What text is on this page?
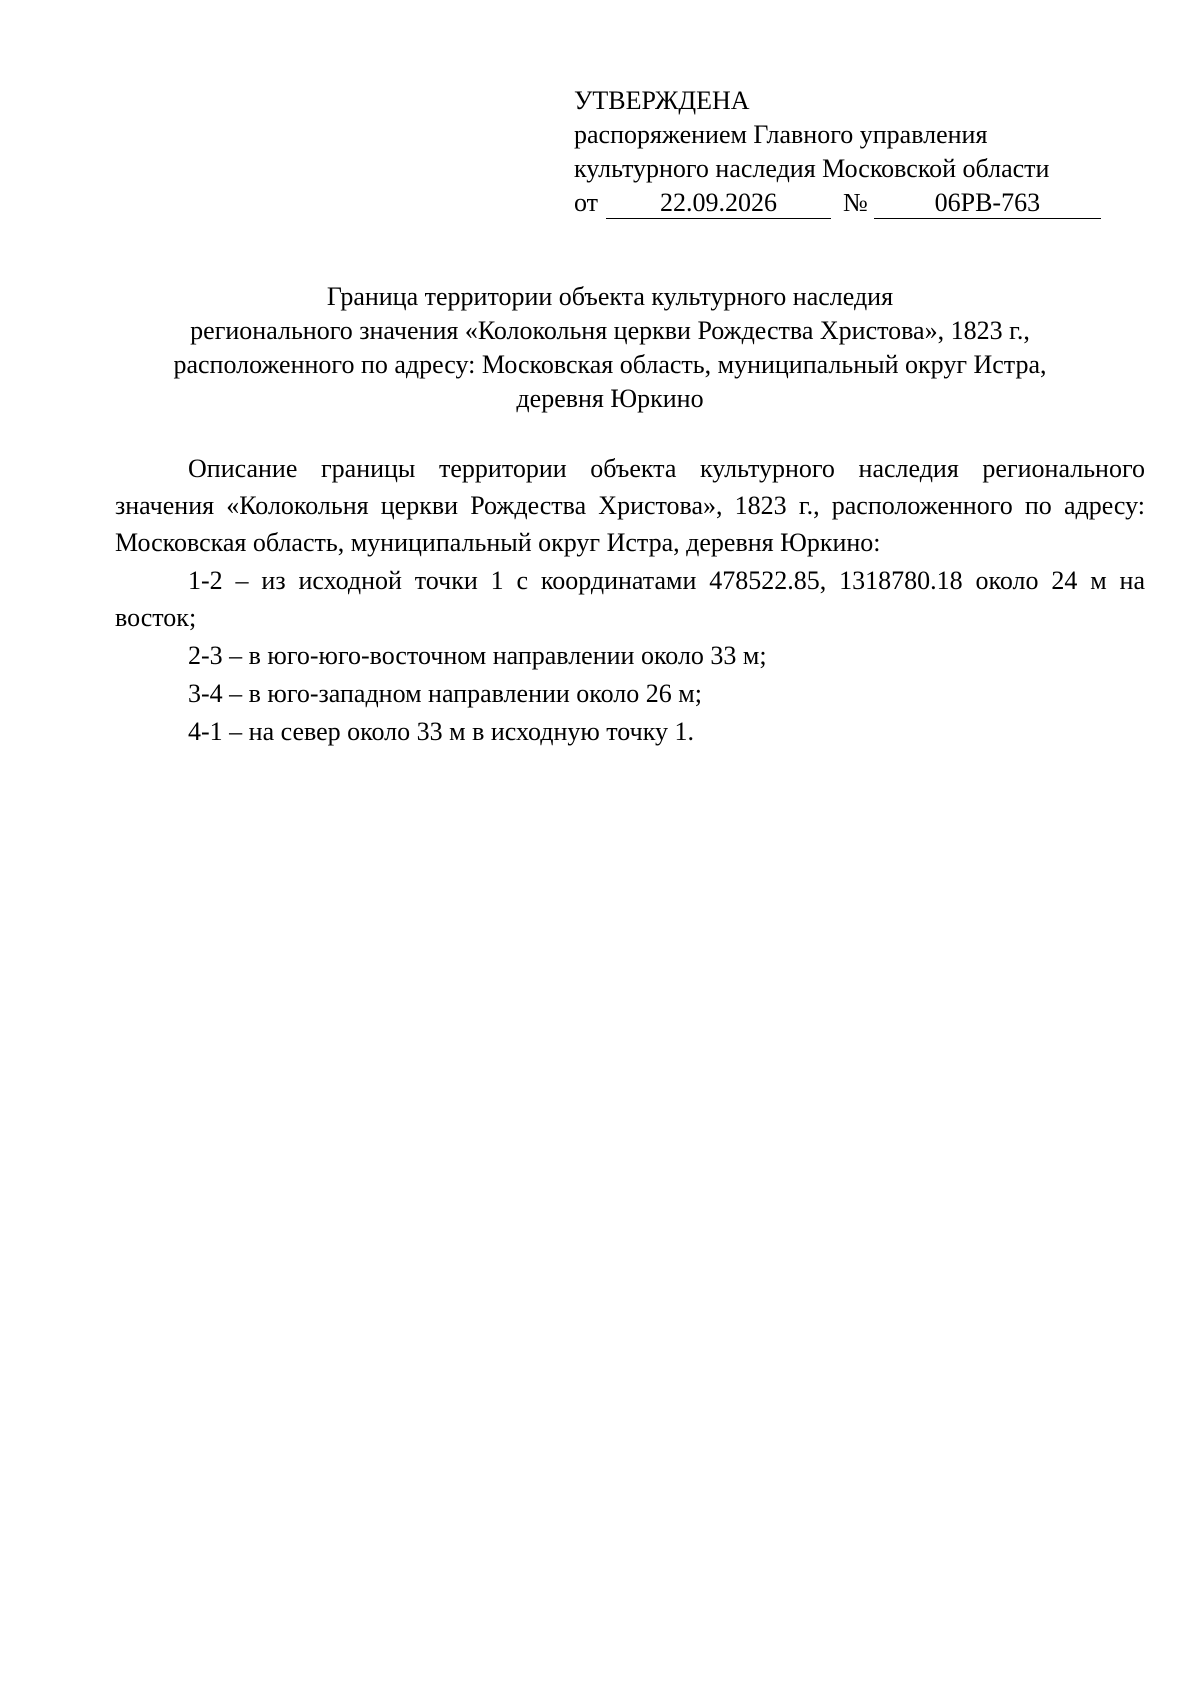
УТВЕРЖДЕНА
распоряжением Главного управления
культурного наследия Московской области
от	22.09.2026	№	06РВ-763
Граница территории объекта культурного наследия
регионального значения «Колокольня церкви Рождества Христова», 1823 г.,
расположенного по адресу: Московская область, муниципальный округ Истра,
деревня Юркино

Описание границы территории объекта культурного наследия регионального значения «Колокольня церкви Рождества Христова», 1823 г., расположенного по адресу: Московская область, муниципальный округ Истра, деревня Юркино:

1-2 – из исходной точки 1 с координатами 478522.85, 1318780.18 около 24 м на восток;

2-3 – в юго-юго-восточном направлении около 33 м;

3-4 – в юго-западном направлении около 26 м;

4-1 – на север около 33 м в исходную точку 1.
